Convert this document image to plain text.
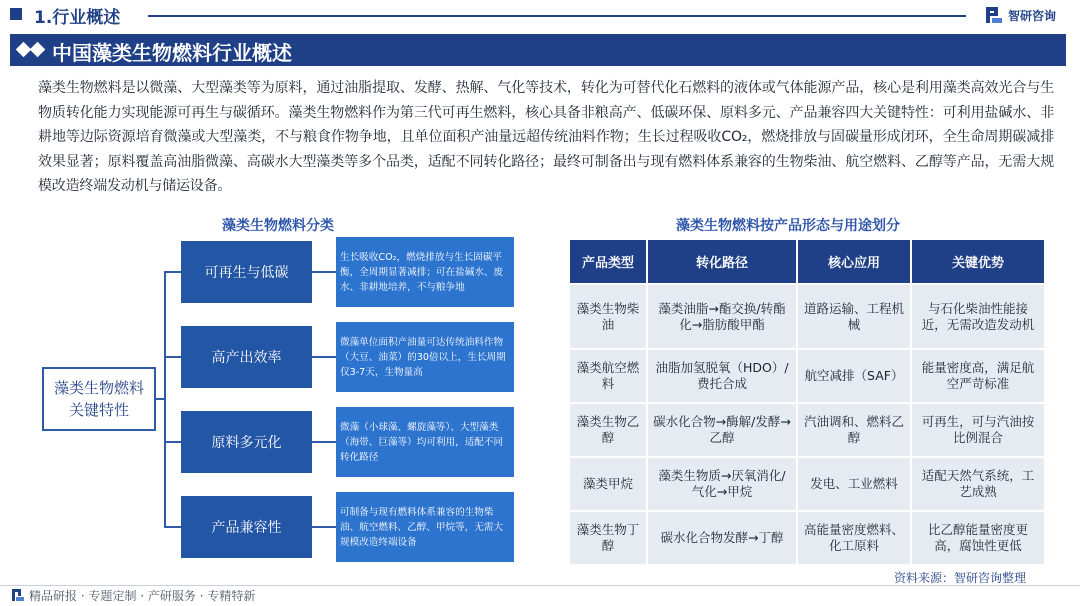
1.行业概述	智研咨询
中国藻类生物燃料行业概述

藻类生物燃料是以微藻、大型藻类等为原料，通过油脂提取、发酵、热解、气化等技术，转化为可替代化石燃料的液体或气体能源产品，核心是利用藻类高效光合与生物质转化能力实现能源可再生与碳循环。藻类生物燃料作为第三代可再生燃料，核心具备非粮高产、低碳环保、原料多元、产品兼容四大关键特性：可利用盐碱水、非耕地等边际资源培育微藻或大型藻类，不与粮食作物争地，且单位面积产油量远超传统油料作物；生长过程吸收CO₂，燃烧排放与固碳量形成闭环，全生命周期碳减排效果显著；原料覆盖高油脂微藻、高碳水大型藻类等多个品类，适配不同转化路径；最终可制备出与现有燃料体系兼容的生物柴油、航空燃料、乙醇等产品，无需大规模改造终端发动机与储运设备。

藻类生物燃料分类	藻类生物燃料按产品形态与用途划分
藻类生物燃料关键特性
可再生与低碳
生长吸收CO₂，燃烧排放与生长固碳平衡，全周期显著减排；可在盐碱水、废水、非耕地培养，不与粮争地
高产出效率
微藻单位面积产油量可达传统油料作物（大豆、油菜）的30倍以上，生长周期仅3-7天，生物量高
原料多元化
微藻（小球藻、螺旋藻等）、大型藻类（海带、巨藻等）均可利用，适配不同转化路径
产品兼容性
可制备与现有燃料体系兼容的生物柴油、航空燃料、乙醇、甲烷等，无需大规模改造终端设备
产品类型	转化路径	核心应用	关键优势
藻类生物柴油	藻类油脂→酯交换/转酯化→脂肪酸甲酯	道路运输、工程机械	与石化柴油性能接近，无需改造发动机
藻类航空燃料	油脂加氢脱氧（HDO）/费托合成	航空减排（SAF）	能量密度高，满足航空严苛标准
藻类生物乙醇	碳水化合物→酶解/发酵→乙醇	汽油调和、燃料乙醇	可再生，可与汽油按比例混合
藻类甲烷	藻类生物质→厌氧消化/气化→甲烷	发电、工业燃料	适配天然气系统，工艺成熟
藻类生物丁醇	碳水化合物发酵→丁醇	高能量密度燃料、化工原料	比乙醇能量密度更高，腐蚀性更低
资料来源：智研咨询整理
精品研报 · 专题定制 · 产研服务 · 专精特新
